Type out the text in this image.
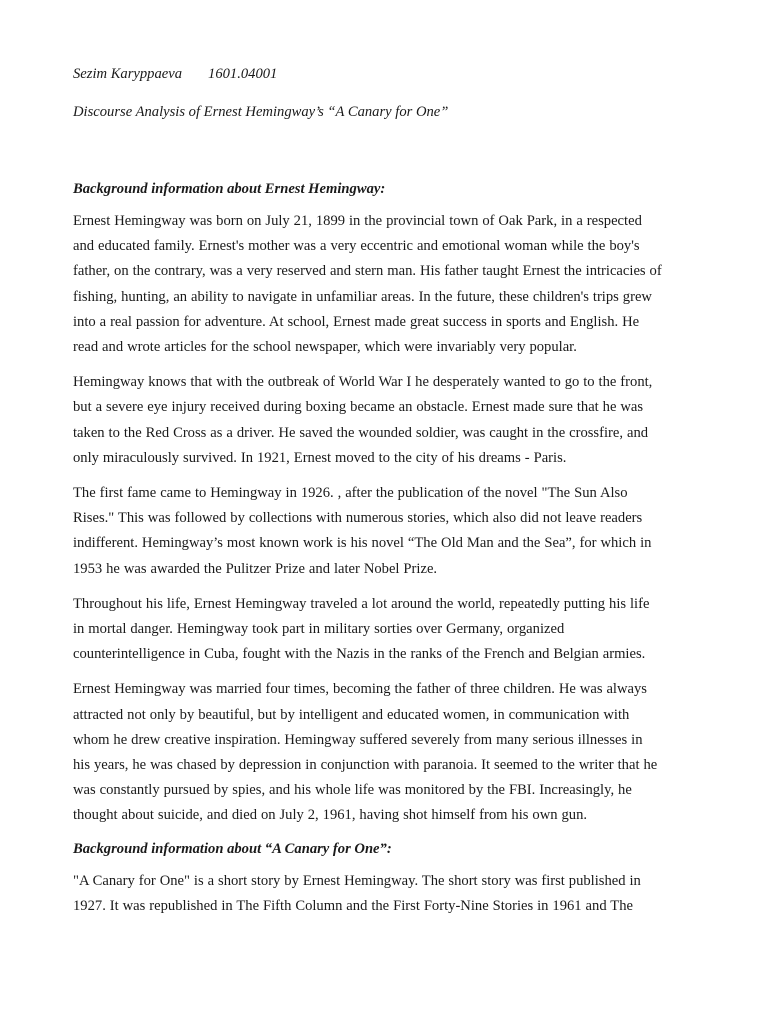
Sezim Karyppaeva 1601.04001

Discourse Analysis of Ernest Hemingway’s “A Canary for One”

Background information about Ernest Hemingway:

Ernest Hemingway was born on July 21, 1899 in the provincial town of Oak Park, in a respected
and educated family. Ernest's mother was a very eccentric and emotional woman while the boy's
father, on the contrary, was a very reserved and stern man. His father taught Ernest the intricacies of
fishing, hunting, an ability to navigate in unfamiliar areas. In the future, these children's trips grew
into a real passion for adventure. At school, Ernest made great success in sports and English. He
read and wrote articles for the school newspaper, which were invariably very popular.

Hemingway knows that with the outbreak of World War I he desperately wanted to go to the front,
but a severe eye injury received during boxing became an obstacle. Ernest made sure that he was
taken to the Red Cross as a driver. He saved the wounded soldier, was caught in the crossfire, and
only miraculously survived. In 1921, Ernest moved to the city of his dreams - Paris.

The first fame came to Hemingway in 1926. , after the publication of the novel "The Sun Also
Rises." This was followed by collections with numerous stories, which also did not leave readers
indifferent. Hemingway’s most known work is his novel “The Old Man and the Sea”, for which in
1953 he was awarded the Pulitzer Prize and later Nobel Prize.

Throughout his life, Ernest Hemingway traveled a lot around the world, repeatedly putting his life
in mortal danger. Hemingway took part in military sorties over Germany, organized
counterintelligence in Cuba, fought with the Nazis in the ranks of the French and Belgian armies.

Ernest Hemingway was married four times, becoming the father of three children. He was always
attracted not only by beautiful, but by intelligent and educated women, in communication with
whom he drew creative inspiration. Hemingway suffered severely from many serious illnesses in
his years, he was chased by depression in conjunction with paranoia. It seemed to the writer that he
was constantly pursued by spies, and his whole life was monitored by the FBI. Increasingly, he
thought about suicide, and died on July 2, 1961, having shot himself from his own gun.

Background information about “A Canary for One”:

"A Canary for One" is a short story by Ernest Hemingway. The short story was first published in
1927. It was republished in The Fifth Column and the First Forty-Nine Stories in 1961 and The
